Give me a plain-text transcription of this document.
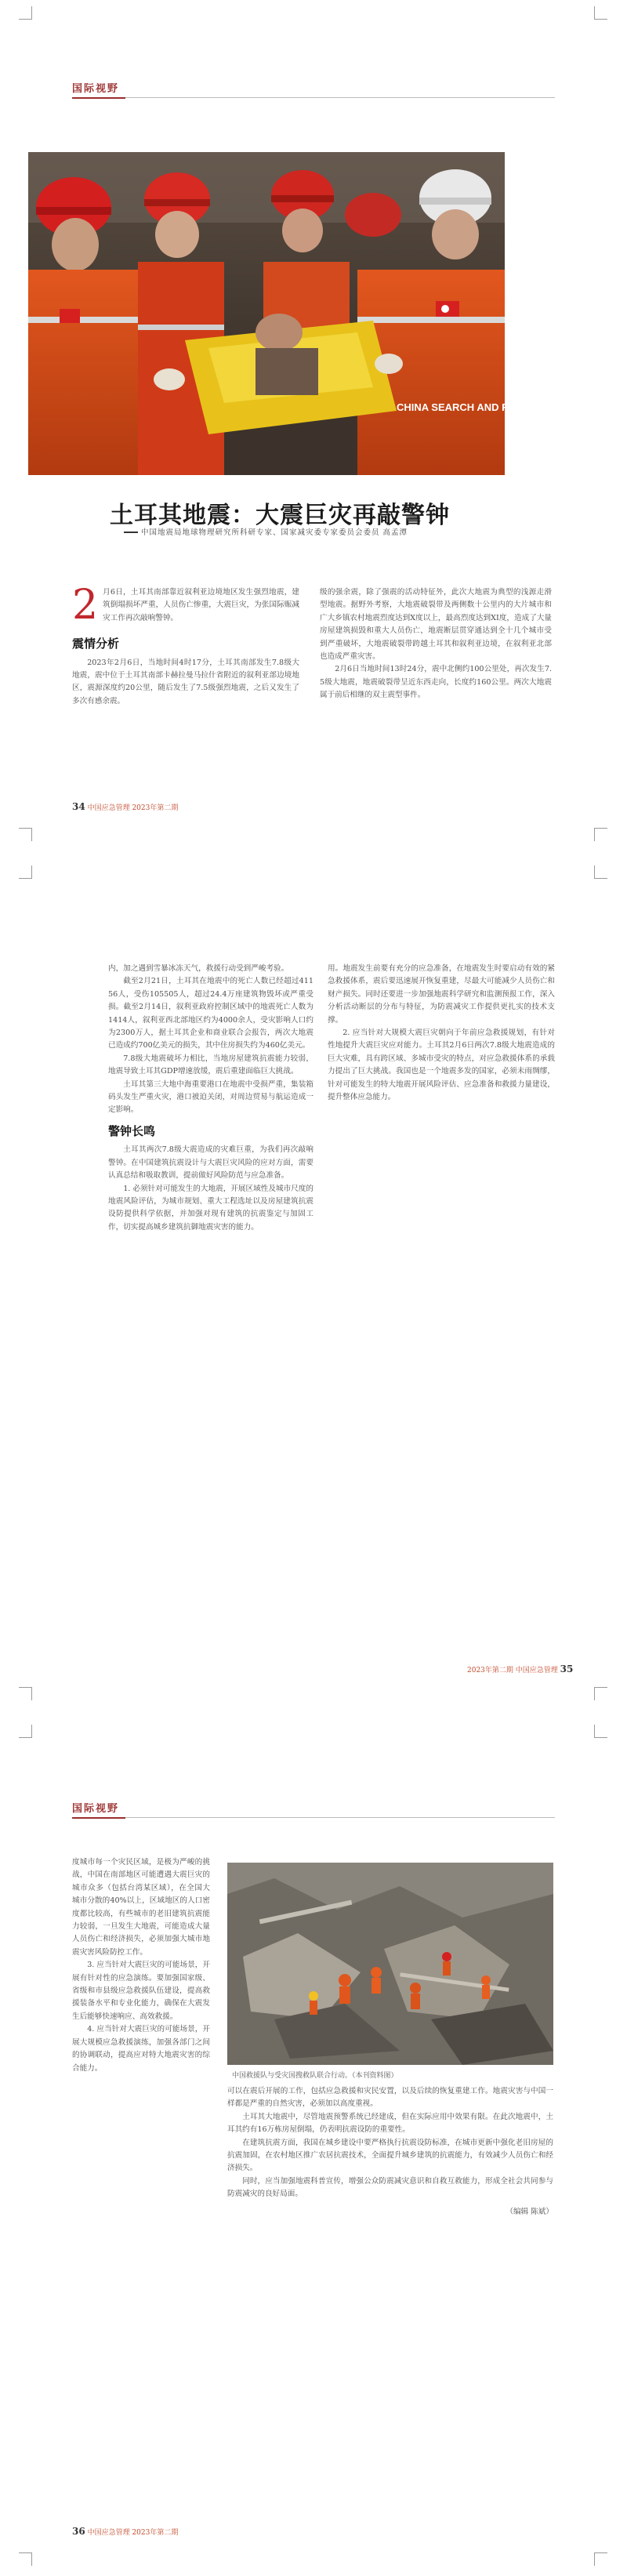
国际视野
CHINA SEARCH AND RESCUE
土耳其地震：大震巨灾再敲警钟
中国地震局地球物理研究所科研专家、国家减灾委专家委员会委员 高孟潭
2 月6日，土耳其南部靠近叙利亚边境地区发生强烈地震，建筑倒塌损坏严重，人员伤亡惨重，大震巨灾，为张国际赈减灾工作再次敲响警钟。

震情分析

2023年2月6日，当地时间4时17分，土耳其南部发生7.8级大地震，震中位于土耳其南部卡赫拉曼马拉什省附近的叙利亚部边境地区，震源深度约20公里，随后发生了7.5级强烈地震，之后又发生了多次有感余震。

级的强余震，除了强震的活动特征外，此次大地震为典型的浅源走滑型地震。据野外考察，大地震破裂带及两侧数十公里内的大片城市和广大乡镇农村地震烈度达到X度以上，最高烈度达到XI度，造成了大量房屋建筑损毁和重大人员伤亡，地震断层贯穿通达到全十几个城市受到严重破坏，大地震破裂带跨越土耳其和叙利亚边境，在叙利亚北部也造成严重灾害。

2月6日当地时间13时24分，震中北侧约100公里处，再次发生7.5级大地震，地震破裂带呈近东西走向，长度约160公里。两次大地震属于前后相继的双主震型事件。

34 中国应急管理 2023年第二期

内，加之遇到雪暴冰冻天气，救援行动受到严峻考验。

截至2月21日，土耳其在地震中的死亡人数已经超过41156人，受伤105505人，超过24.4万座建筑物毁坏或严重受损。截至2月14日，叙利亚政府控制区域中的地震死亡人数为1414人，叙利亚西北部地区约为4000余人，受灾影响人口约为2300万人，据土耳其企业和商业联合会报告，两次大地震已造成约700亿美元的损失，其中住房损失约为460亿美元。

7.8级大地震破坏力相比，当地房屋建筑抗震能力较弱，地震导致土耳其GDP增速放缓，震后重建面临巨大挑战。

土耳其第三大地中海重要港口在地震中受损严重，集装箱码头发生严重火灾，港口被迫关闭，对周边贸易与航运造成一定影响。

警钟长鸣

土耳其两次7.8级大震造成的灾难巨重，为我们再次敲响警钟。在中国建筑抗震设计与大震巨灾风险的应对方面，需要认真总结和吸取教训，提前做好风险防范与应急准备。

1. 必须针对可能发生的大地震，开展区域性及城市尺度的地震风险评估，为城市规划、重大工程选址以及房屋建筑抗震设防提供科学依据，并加强对现有建筑的抗震鉴定与加固工作，切实提高城乡建筑抗御地震灾害的能力。

用。地震发生前要有充分的应急准备，在地震发生时要启动有效的紧急救援体系，震后要迅速展开恢复重建，尽最大可能减少人员伤亡和财产损失。同时还要进一步加强地震科学研究和监测预报工作，深入分析活动断层的分布与特征，为防震减灾工作提供更扎实的技术支撑。

2. 应当针对大规模大震巨灾朝向于年前应急救援规划，有针对性地提升大震巨灾应对能力。土耳其2月6日两次7.8级大地震造成的巨大灾难，具有跨区域、多城市受灾的特点，对应急救援体系的承载力提出了巨大挑战。我国也是一个地震多发的国家，必须未雨绸缪，针对可能发生的特大地震开展风险评估、应急准备和救援力量建设，提升整体应急能力。

2023年第二期 中国应急管理 35
国际视野

度城市每一个灾民区域，是极为严峻的挑战，中国在南部地区可能遭遇大震巨灾的城市众多（包括台湾某区域），在全国大城市分散的40%以上，区域地区的人口密度都比较高，有些城市的老旧建筑抗震能力较弱，一旦发生大地震，可能造成大量人员伤亡和经济损失，必须加强大城市地震灾害风险防控工作。

3. 应当针对大震巨灾的可能场景，开展有针对性的应急演练。要加强国家级、省级和市县级应急救援队伍建设，提高救援装备水平和专业化能力，确保在大震发生后能够快速响应、高效救援。

4. 应当针对大震巨灾的可能场景，开展大规模应急救援演练，加强各部门之间的协调联动，提高应对特大地震灾害的综合能力。

中国救援队与受灾国搜救队联合行动。（本刊资料图）

可以在震后开展的工作，包括应急救援和灾民安置，以及后续的恢复重建工作。地震灾害与中国一样都是严重的自然灾害，必须加以高度重视。

土耳其大地震中，尽管地震预警系统已经建成，但在实际应用中效果有限。在此次地震中，土耳其约有16万栋房屋倒塌，仍表明抗震设防的重要性。

在建筑抗震方面，我国在城乡建设中要严格执行抗震设防标准，在城市更新中强化老旧房屋的抗震加固，在农村地区推广农居抗震技术，全面提升城乡建筑的抗震能力，有效减少人员伤亡和经济损失。

同时，应当加强地震科普宣传，增强公众防震减灾意识和自救互救能力，形成全社会共同参与防震减灾的良好局面。

（编辑 陈斌）
36 中国应急管理 2023年第二期
